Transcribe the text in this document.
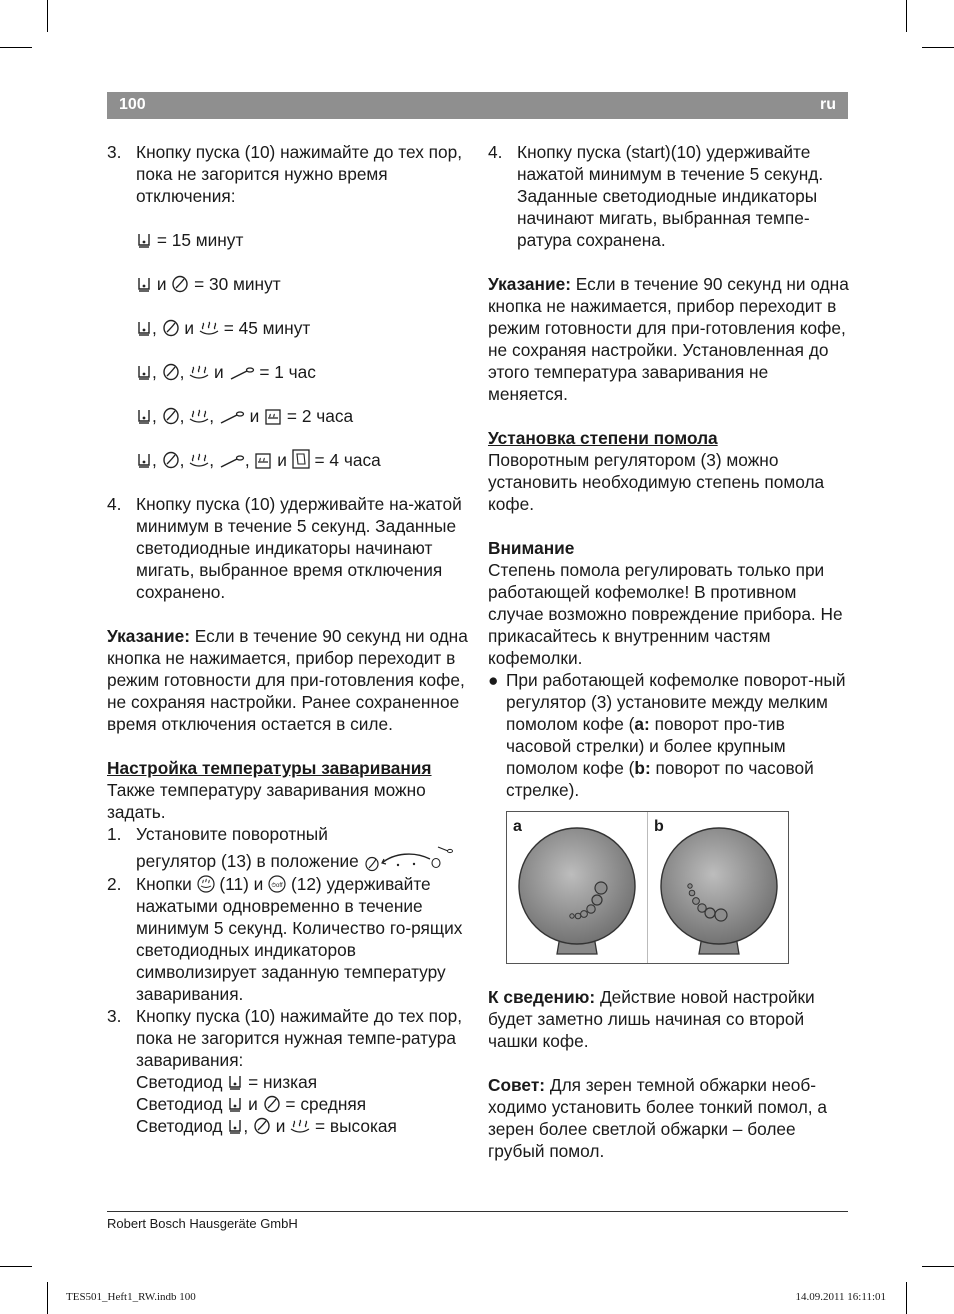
100	ru
3. Кнопку пуска (10) нажимайте до тех пор, пока не загорится нужно время отключения:
= 15 минут
и = 30 минут
,  и = 45 минут
, ,  и = 1 час
, , ,  и = 2 часа
, , , ,  и = 4 часа
4. Кнопку пуска (10) удерживайте на-жатой минимум в течение 5 секунд. Заданные светодиодные индикаторы начинают мигать, выбранное время отключения сохранено.
Указание: Если в течение 90 секунд ни одна кнопка не нажимается, прибор переходит в режим готовности для при-готовления кофе, не сохраняя настройки. Ранее сохраненное время отключения остается в силе.
Настройка температуры заваривания
Также температуру заваривания можно задать.
1. Установите поворотный
регулятор (13) в положение
2. Кнопки (11) и ⏱off (12) удерживайте нажатыми одновременно в течение минимум 5 секунд. Количество го-рящих светодиодных индикаторов символизирует заданную температуру заваривания.
3. Кнопку пуска (10) нажимайте до тех пор, пока не загорится нужная темпе-ратура заваривания:
Светодиод = низкая
Светодиод и = средняя
Светодиод ,  и = высокая
4. Кнопку пуска (start)(10) удерживайте нажатой минимум в течение 5 секунд. Заданные светодиодные индикаторы начинают мигать, выбранная темпе-ратура сохранена.
Указание: Если в течение 90 секунд ни одна кнопка не нажимается, прибор переходит в режим готовности для при-готовления кофе, не сохраняя настройки. Установленная до этого температура заваривания не меняется.
Установка степени помола
Поворотным регулятором (3) можно установить необходимую степень помола кофе.
Внимание
Степень помола регулировать только при работающей кофемолке! В противном случае возможно повреждение прибора. Не прикасайтесь к внутренним частям кофемолки.
● При работающей кофемолке поворот-ный регулятор (3) установите между мелким помолом кофе (a: поворот про-тив часовой стрелки) и более крупным помолом кофе (b: поворот по часовой стрелке).
a	b
К сведению: Действие новой настройки будет заметно лишь начиная со второй чашки кофе.
Совет: Для зерен темной обжарки необ-ходимо установить более тонкий помол, а зерен более светлой обжарки – более грубый помол.
Robert Bosch Hausgeräte GmbH
TES501_Heft1_RW.indb 100	14.09.2011 16:11:01
